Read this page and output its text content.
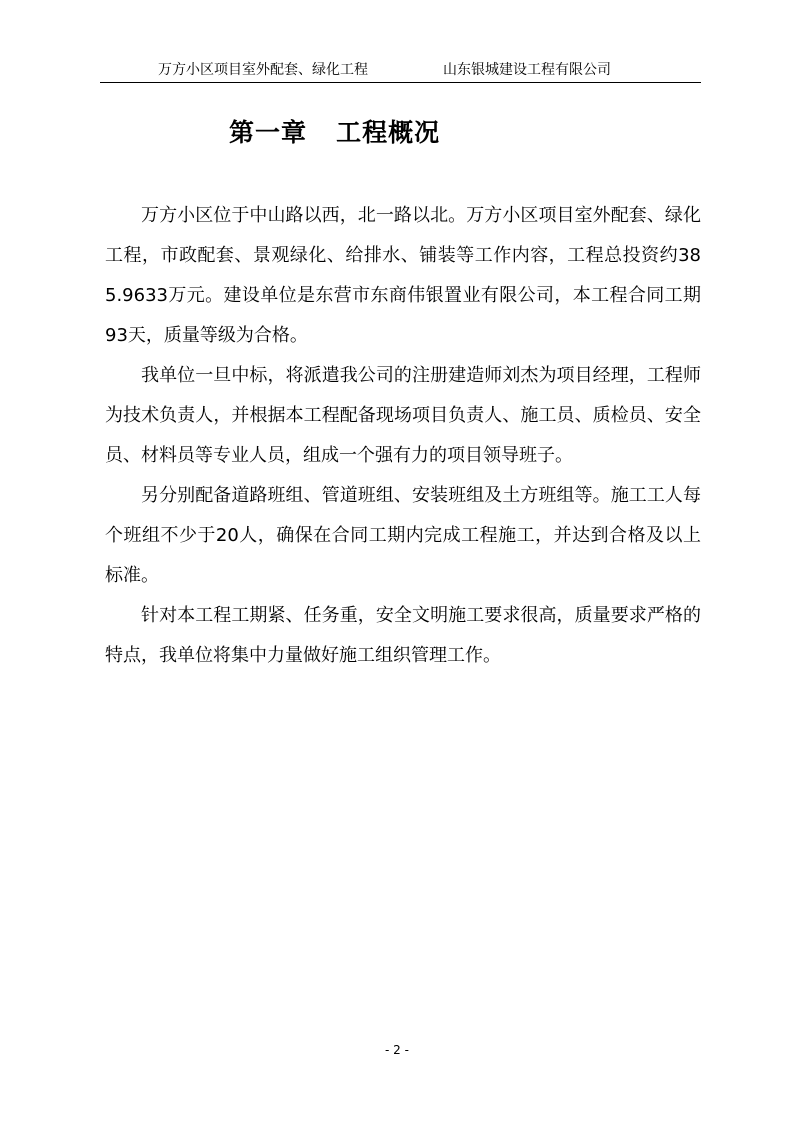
万方小区项目室外配套、绿化工程	山东银城建设工程有限公司
第一章   工程概况

万方小区位于中山路以西，北一路以北。万方小区项目室外配套、绿化工程，市政配套、景观绿化、给排水、铺装等工作内容，工程总投资约385.9633万元。建设单位是东营市东商伟银置业有限公司，本工程合同工期93天，质量等级为合格。

我单位一旦中标，将派遣我公司的注册建造师刘杰为项目经理，工程师      为技术负责人，并根据本工程配备现场项目负责人、施工员、质检员、安全员、材料员等专业人员，组成一个强有力的项目领导班子。

另分别配备道路班组、管道班组、安装班组及土方班组等。施工工人每个班组不少于20人，确保在合同工期内完成工程施工，并达到合格及以上标准。

针对本工程工期紧、任务重，安全文明施工要求很高，质量要求严格的特点，我单位将集中力量做好施工组织管理工作。

- 2 -
